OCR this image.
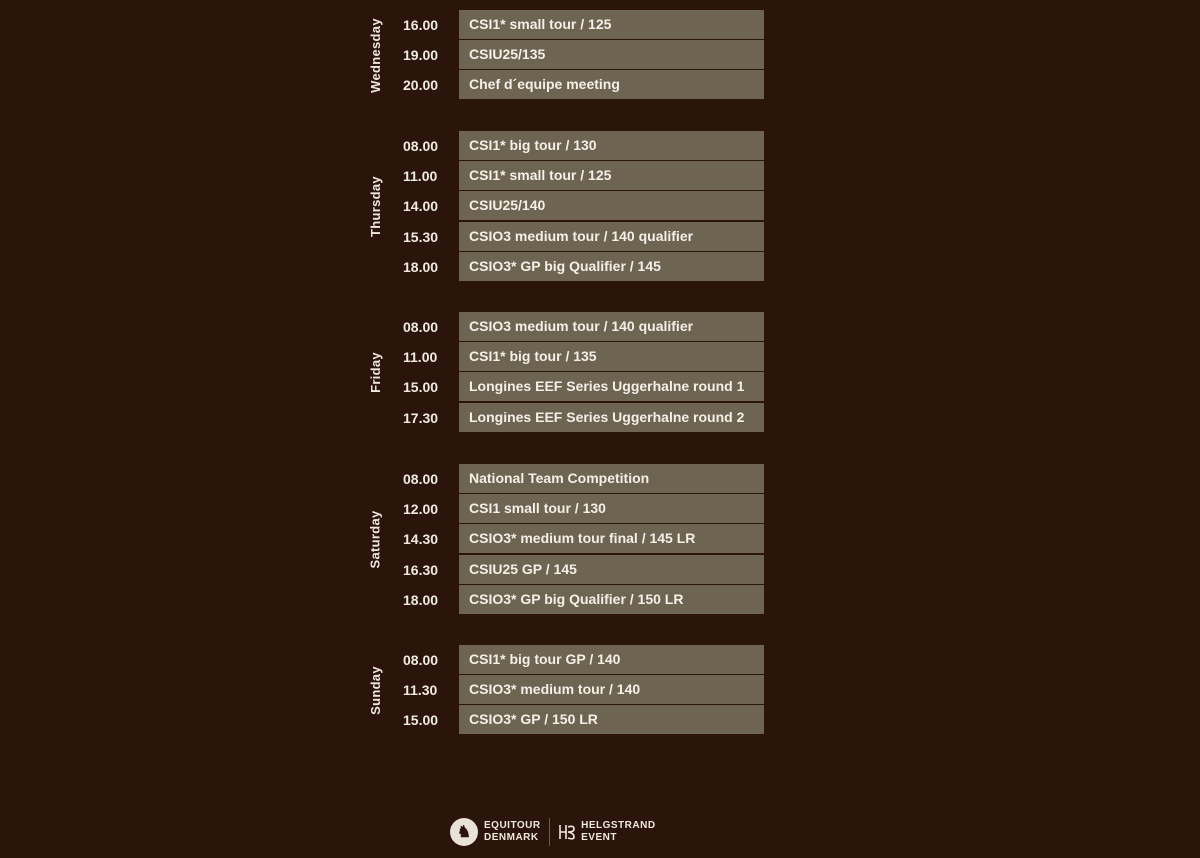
Wednesday 16.00	CSI1* small tour / 125
19.00	CSIU25/135
20.00	Chef d´equipe meeting
Thursday
08.00	CSI1* big tour / 130
11.00	CSI1* small tour / 125
14.00	CSIU25/140
15.30	CSIO3 medium tour / 140 qualifier
18.00	CSIO3* GP big Qualifier / 145
Friday
08.00	CSIO3 medium tour / 140 qualifier
11.00	CSI1* big tour / 135
15.00	Longines EEF Series Uggerhalne round 1
17.30	Longines EEF Series Uggerhalne round 2
Saturday
08.00	National Team Competition
12.00	CSI1 small tour / 130
14.30	CSIO3* medium tour final / 145 LR
16.30	CSIU25 GP / 145
18.00	CSIO3* GP big Qualifier / 150 LR
Sunday
08.00	CSI1* big tour GP / 140
11.30	CSIO3* medium tour / 140
15.00	CSIO3* GP / 150 LR
♞	EQUITOUR
DENMARK
HELGSTRAND
EVENT
